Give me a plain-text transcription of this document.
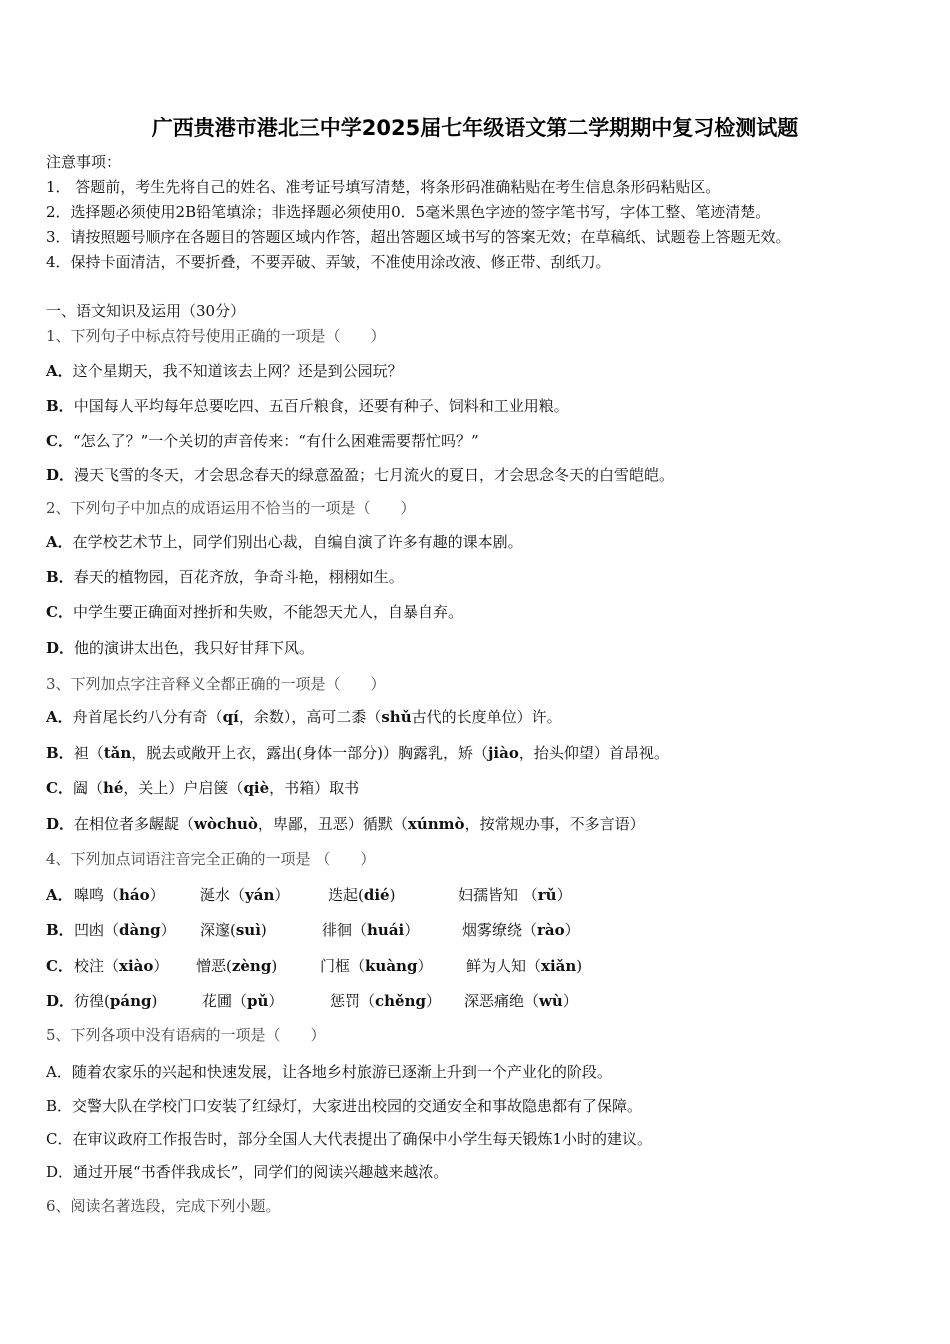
广西贵港市港北三中学2025届七年级语文第二学期期中复习检测试题
注意事项：
1． 答题前，考生先将自己的姓名、准考证号填写清楚，将条形码准确粘贴在考生信息条形码粘贴区。
2．选择题必须使用2B铅笔填涂；非选择题必须使用0．5毫米黑色字迹的签字笔书写，字体工整、笔迹清楚。
3．请按照题号顺序在各题目的答题区域内作答，超出答题区域书写的答案无效；在草稿纸、试题卷上答题无效。
4．保持卡面清洁，不要折叠，不要弄破、弄皱，不准使用涂改液、修正带、刮纸刀。
一、语文知识及运用（30分）
1、下列句子中标点符号使用正确的一项是（　　）
A．这个星期天，我不知道该去上网？还是到公园玩？
B．中国每人平均每年总要吃四、五百斤粮食，还要有种子、饲料和工业用粮。
C．“怎么了？”一个关切的声音传来：“有什么困难需要帮忙吗？”
D．漫天飞雪的冬天，才会思念春天的绿意盈盈；七月流火的夏日，才会思念冬天的白雪皑皑。
2、下列句子中加点的成语运用不恰当的一项是（　　）
A．在学校艺术节上，同学们别出心裁，自编自演了许多有趣的课本剧。
B．春天的植物园，百花齐放，争奇斗艳，栩栩如生。
C．中学生要正确面对挫折和失败，不能怨天尤人，自暴自弃。
D．他的演讲太出色，我只好甘拜下风。
3、下列加点字注音释义全都正确的一项是（　　）
A．舟首尾长约八分有奇（qí，余数），高可二黍（shǔ古代的长度单位）许。
B．袒（tǎn，脱去或敞开上衣，露出(身体一部分)）胸露乳，矫（jiào，抬头仰望）首昂视。
C．阖（hé，关上）户启箧（qiè，书箱）取书
D．在相位者多龌龊（wòchuò，卑鄙，丑恶）循默（xúnmò，按常规办事，不多言语）
4、下列加点词语注音完全正确的一项是 （　　）
A． 嗥鸣（háo） 涎水（yán）	迭起(dié)	妇孺皆知 （rǔ）
B． 凹凼（dàng） 深邃(suì)	徘徊（huái）	烟雾缭绕（rào）
C． 校注（xiào） 憎恶(zèng)	门框（kuàng） 鲜为人知（xiǎn)
D． 彷徨(páng)	花圃（pǔ）	惩罚（chěng） 深恶痛绝（wù）
5、下列各项中没有语病的一项是（　　）
A．随着农家乐的兴起和快速发展，让各地乡村旅游已逐渐上升到一个产业化的阶段。
B．交警大队在学校门口安装了红绿灯，大家进出校园的交通安全和事故隐患都有了保障。
C．在审议政府工作报告时，部分全国人大代表提出了确保中小学生每天锻炼1小时的建议。
D．通过开展“书香伴我成长”，同学们的阅读兴趣越来越浓。
6、阅读名著选段，完成下列小题。
